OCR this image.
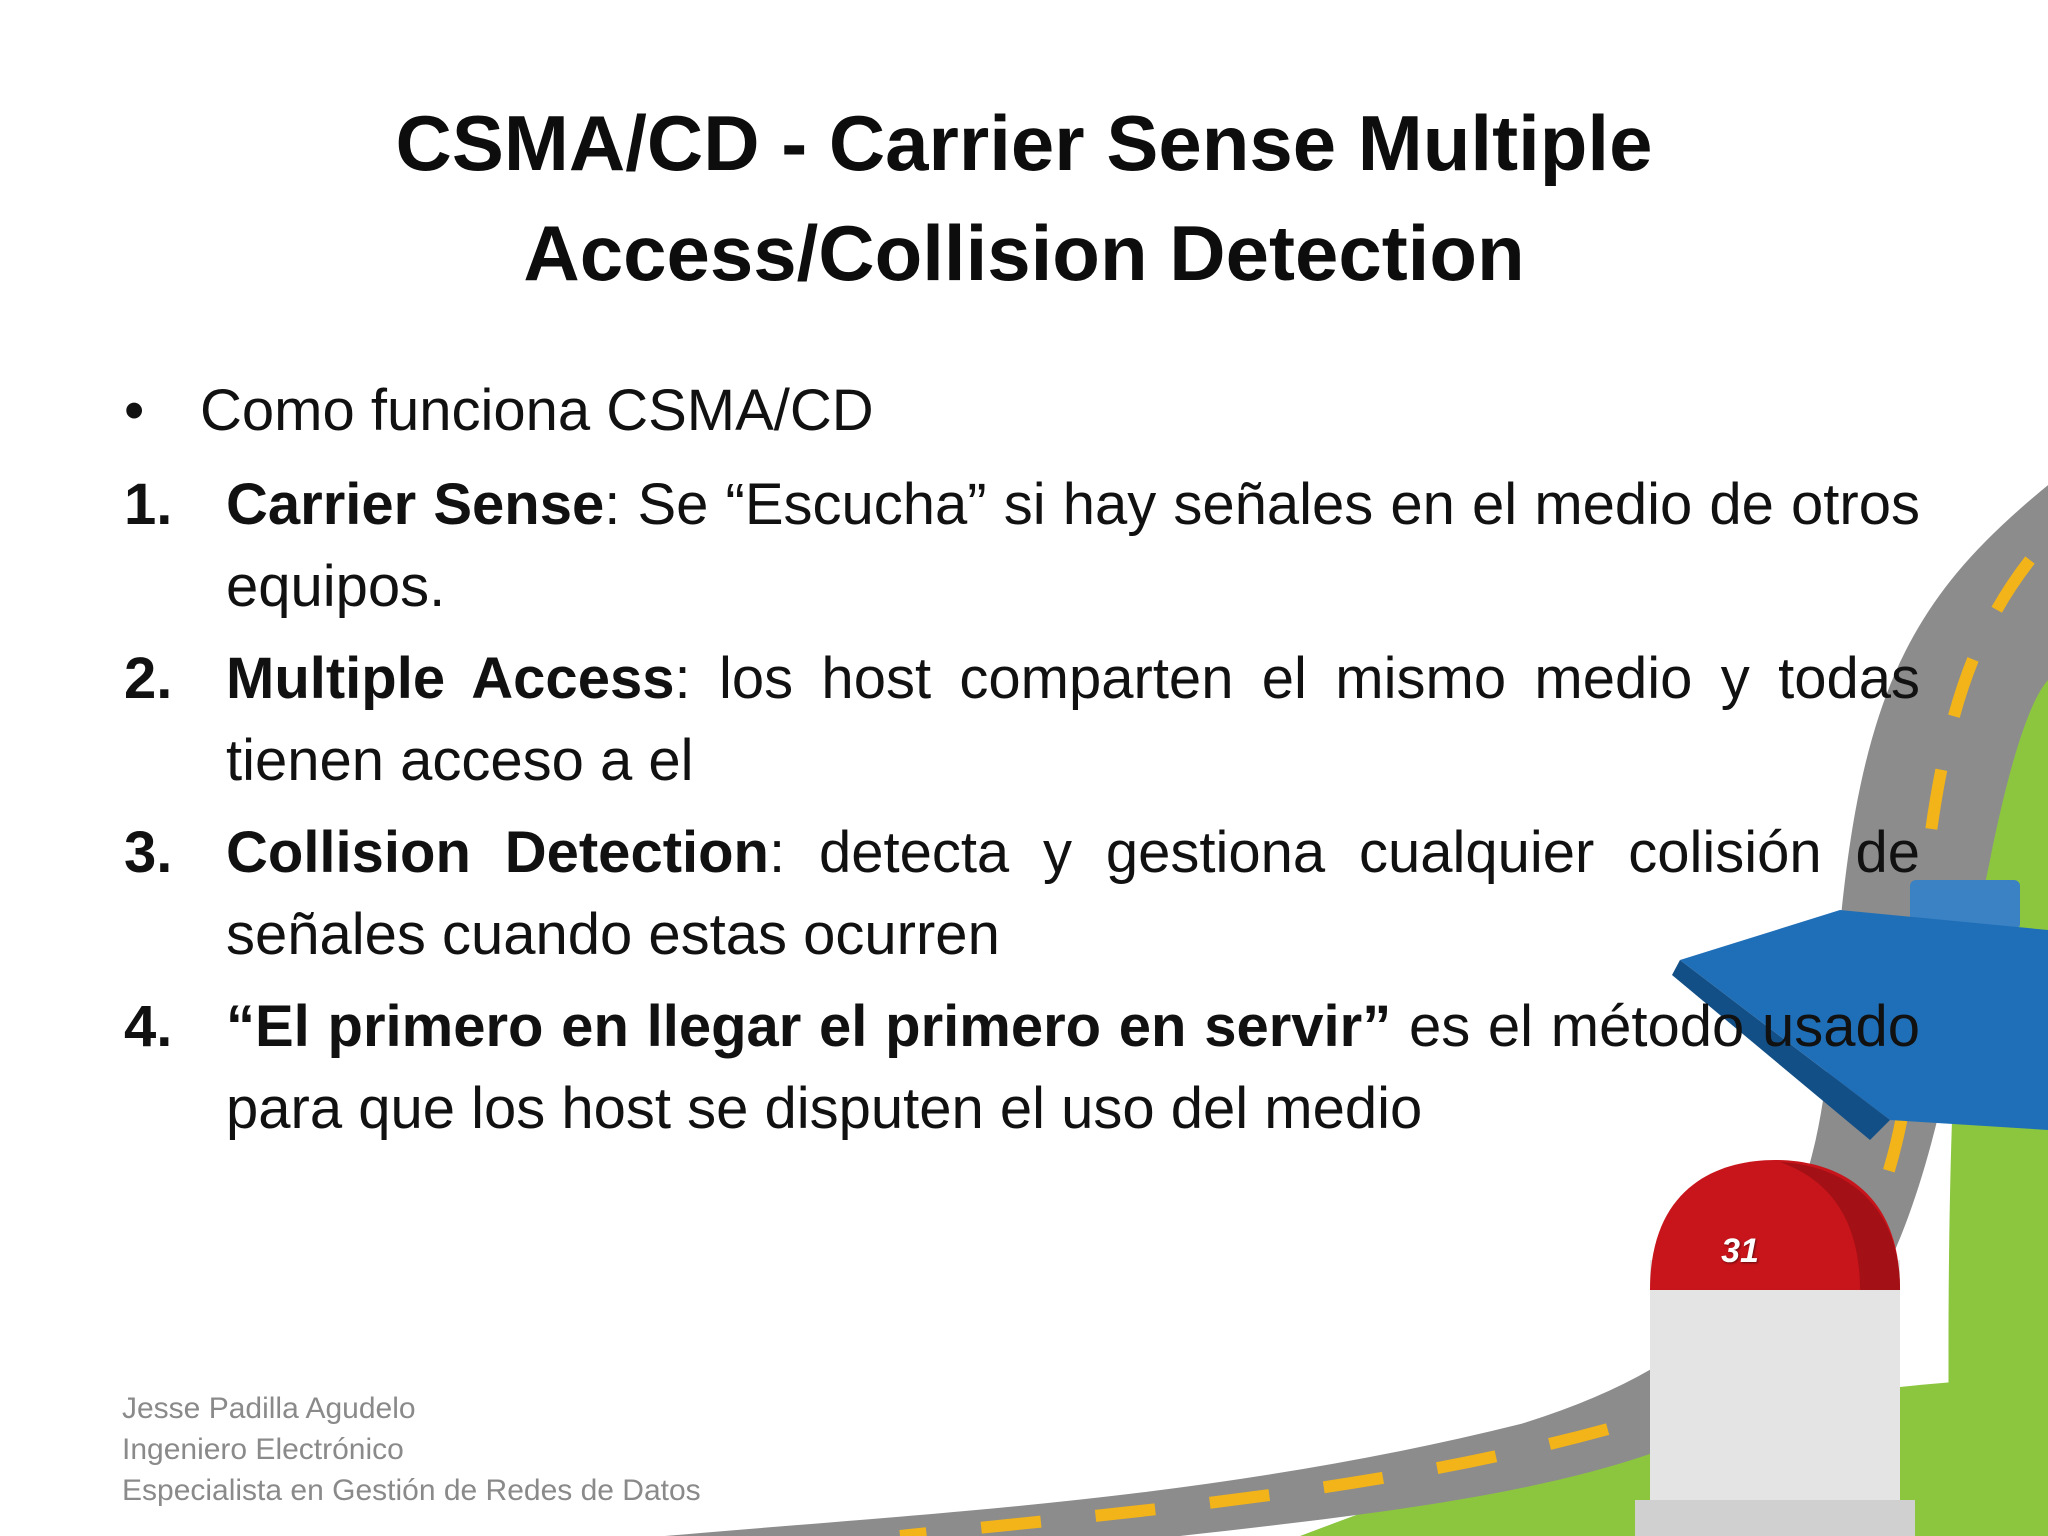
CSMA/CD - Carrier Sense Multiple
Access/Collision Detection
• Como funciona CSMA/CD
1. Carrier Sense: Se “Escucha” si hay señales en el medio de otros equipos.
2. Multiple Access: los host comparten el mismo medio y todas tienen acceso a el
3. Collision Detection: detecta y gestiona cualquier colisión de señales cuando estas ocurren
4. “El primero en llegar el primero en servir” es el método usado para que los host se disputen el uso del medio
31
Jesse Padilla Agudelo
Ingeniero Electrónico
Especialista en Gestión de Redes de Datos
